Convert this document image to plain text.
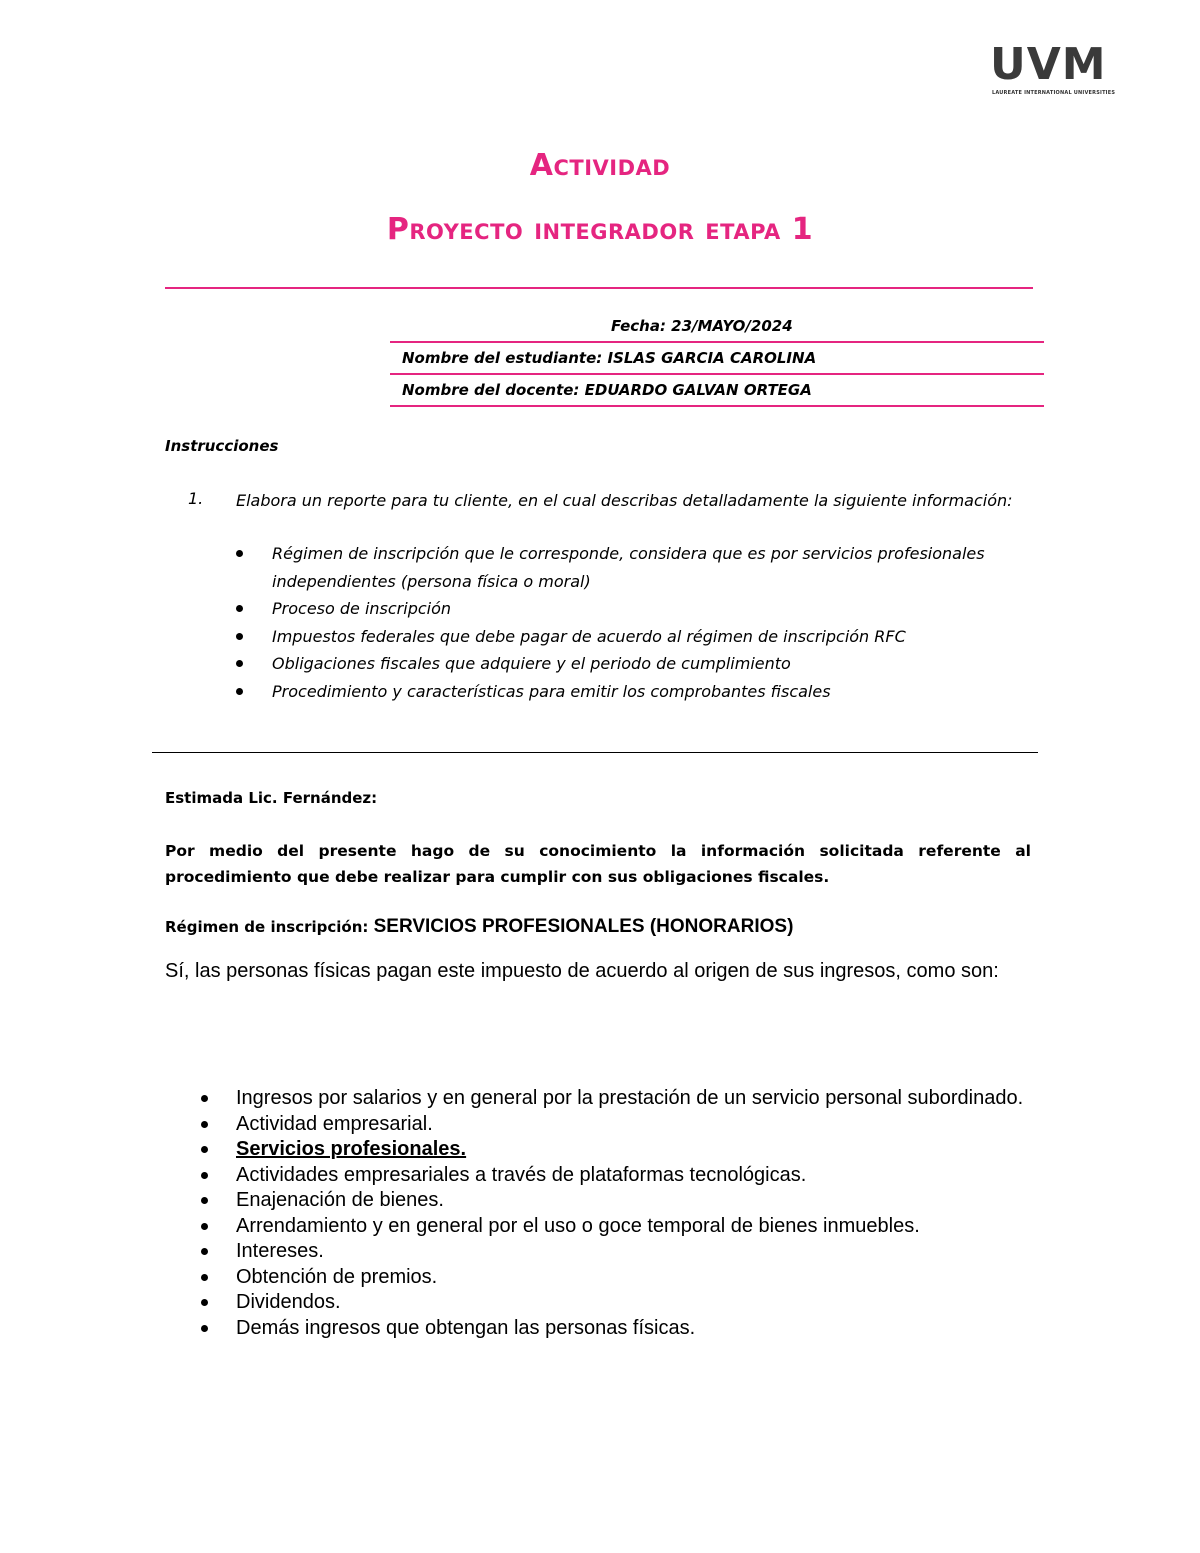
UVM
LAUREATE INTERNATIONAL UNIVERSITIES
Actividad
Proyecto integrador etapa 1
Fecha: 23/MAYO/2024
Nombre del estudiante: ISLAS GARCIA CAROLINA
Nombre del docente: EDUARDO GALVAN ORTEGA
Instrucciones
1. Elabora un reporte para tu cliente, en el cual describas detalladamente la siguiente información:
Régimen de inscripción que le corresponde, considera que es por servicios profesionales independientes (persona física o moral)
Proceso de inscripción
Impuestos federales que debe pagar de acuerdo al régimen de inscripción RFC
Obligaciones fiscales que adquiere y el periodo de cumplimiento
Procedimiento y características para emitir los comprobantes fiscales
Estimada Lic. Fernández:
Por medio del presente hago de su conocimiento la información solicitada referente al procedimiento que debe realizar para cumplir con sus obligaciones fiscales.
Régimen de inscripción: SERVICIOS PROFESIONALES (HONORARIOS)
Sí, las personas físicas pagan este impuesto de acuerdo al origen de sus ingresos, como son:
Ingresos por salarios y en general por la prestación de un servicio personal subordinado.
Actividad empresarial.
Servicios profesionales.
Actividades empresariales a través de plataformas tecnológicas.
Enajenación de bienes.
Arrendamiento y en general por el uso o goce temporal de bienes inmuebles.
Intereses.
Obtención de premios.
Dividendos.
Demás ingresos que obtengan las personas físicas.
